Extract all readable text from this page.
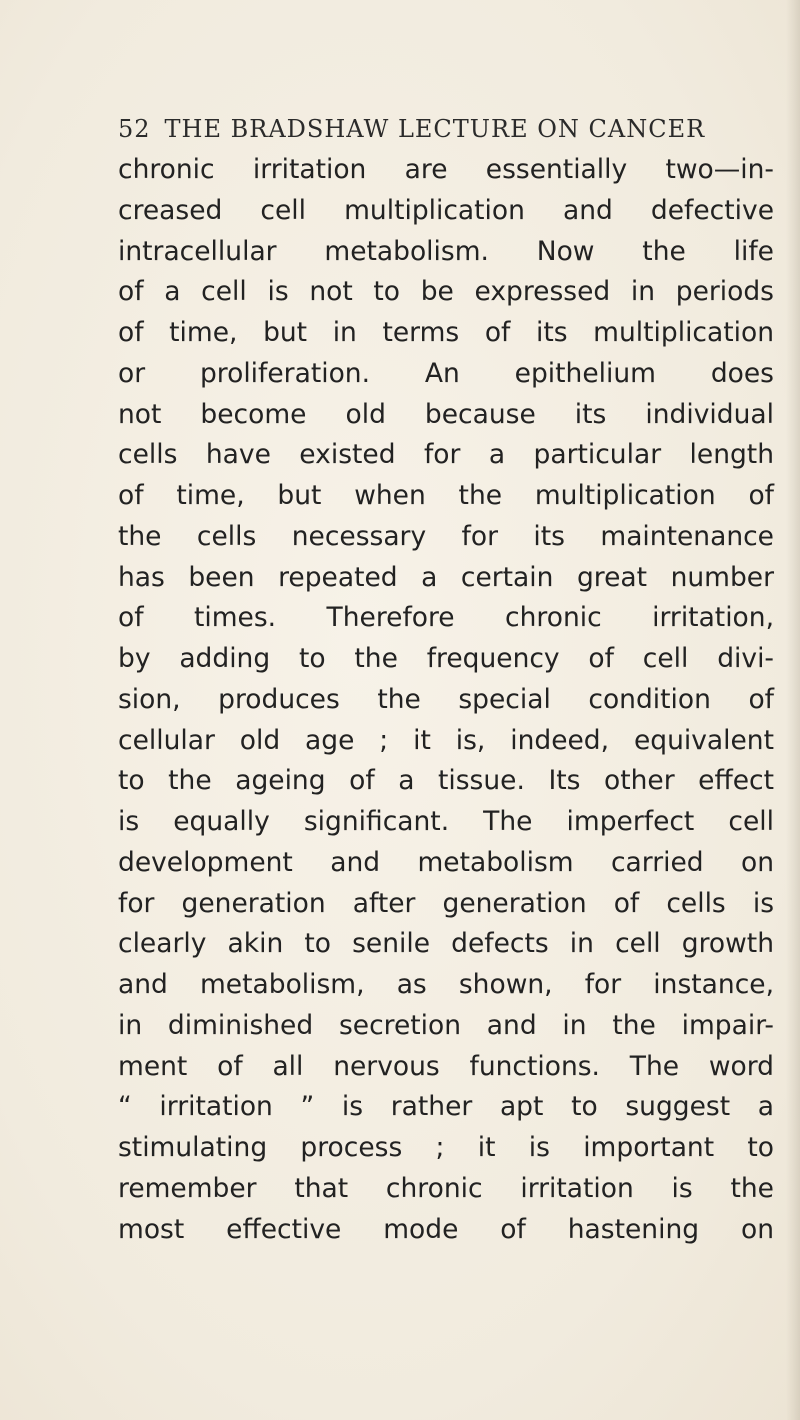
52 THE BRADSHAW LECTURE ON CANCER
chronic irritation are essentially two—in-
creased cell multiplication and defective
intracellular metabolism. Now the life
of a cell is not to be expressed in periods
of time, but in terms of its multiplication
or proliferation. An epithelium does
not become old because its individual
cells have existed for a particular length
of time, but when the multiplication of
the cells necessary for its maintenance
has been repeated a certain great number
of times. Therefore chronic irritation,
by adding to the frequency of cell divi-
sion, produces the special condition of
cellular old age ; it is, indeed, equivalent
to the ageing of a tissue. Its other effect
is equally significant. The imperfect cell
development and metabolism carried on
for generation after generation of cells is
clearly akin to senile defects in cell growth
and metabolism, as shown, for instance,
in diminished secretion and in the impair-
ment of all nervous functions. The word
“ irritation ” is rather apt to suggest a
stimulating process ; it is important to
remember that chronic irritation is the
most effective mode of hastening on
